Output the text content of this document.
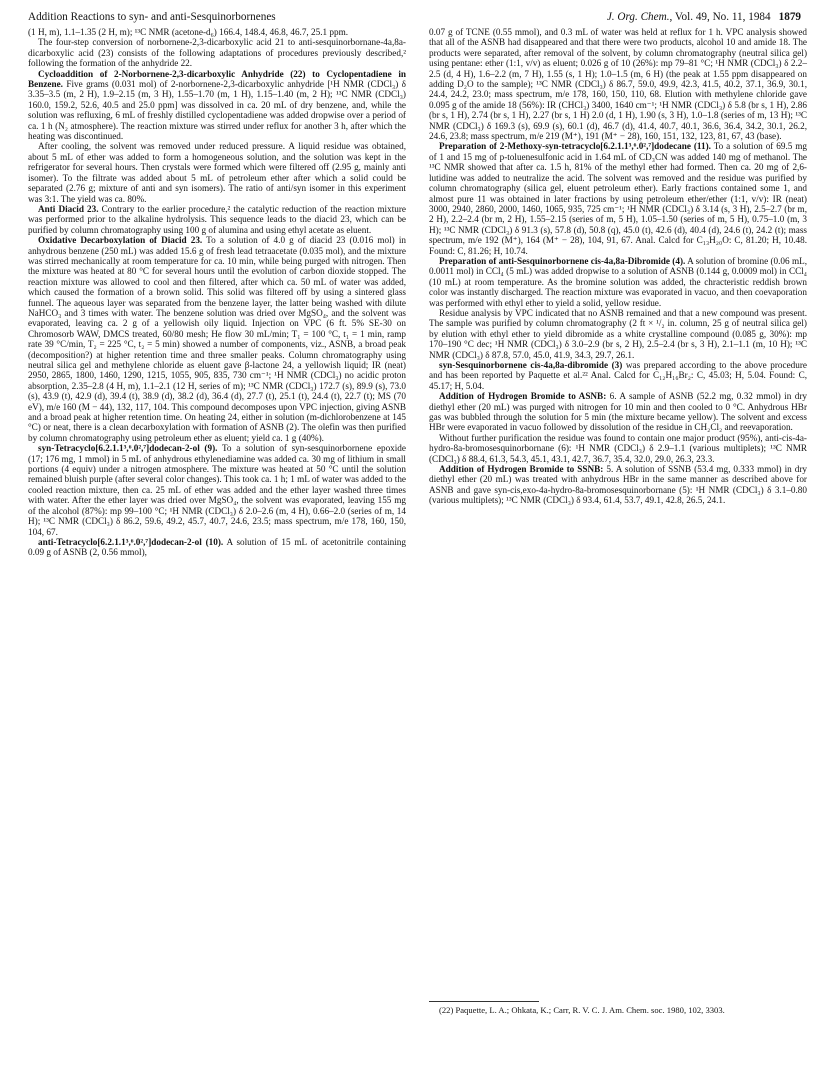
Addition Reactions to syn- and anti-Sesquinorbornenes	J. Org. Chem., Vol. 49, No. 11, 1984 1879

(1 H, m), 1.1–1.35 (2 H, m); ¹³C NMR (acetone-d₆) 166.4, 148.4, 46.8, 46.7, 25.1 ppm.

The four-step conversion of norbornene-2,3-dicarboxylic acid 21 to anti-sesquinorbornane-4a,8a-dicarboxylic acid (23) consists of the following adaptations of procedures previously described,² following the formation of the anhydride 22.

Cycloaddition of 2-Norbornene-2,3-dicarboxylic Anhydride (22) to Cyclopentadiene in Benzene. Five grams (0.031 mol) of 2-norbornene-2,3-dicarboxylic anhydride [¹H NMR (CDCl₃) δ 3.35–3.5 (m, 2 H), 1.9–2.15 (m, 3 H), 1.55–1.70 (m, 1 H), 1.15–1.40 (m, 2 H); ¹³C NMR (CDCl₃) 160.0, 159.2, 52.6, 40.5 and 25.0 ppm] was dissolved in ca. 20 mL of dry benzene, and, while the solution was refluxing, 6 mL of freshly distilled cyclopentadiene was added dropwise over a period of ca. 1 h (N₂ atmosphere). The reaction mixture was stirred under reflux for another 3 h, after which the heating was discontinued.

After cooling, the solvent was removed under reduced pressure. A liquid residue was obtained, about 5 mL of ether was added to form a homogeneous solution, and the solution was kept in the refrigerator for several hours. Then crystals were formed which were filtered off (2.95 g, mainly anti isomer). To the filtrate was added about 5 mL of petroleum ether after which a solid could be separated (2.76 g; mixture of anti and syn isomers). The ratio of anti/syn isomer in this experiment was 3:1. The yield was ca. 80%.

Anti Diacid 23. Contrary to the earlier procedure,² the catalytic reduction of the reaction mixture was performed prior to the alkaline hydrolysis. This sequence leads to the diacid 23, which can be purified by column chromatography using 100 g of alumina and using ethyl acetate as eluent.

Oxidative Decarboxylation of Diacid 23. To a solution of 4.0 g of diacid 23 (0.016 mol) in anhydrous benzene (250 mL) was added 15.6 g of fresh lead tetraacetate (0.035 mol), and the mixture was stirred mechanically at room temperature for ca. 10 min, while being purged with nitrogen. Then the mixture was heated at 80 °C for several hours until the evolution of carbon dioxide stopped. The reaction mixture was allowed to cool and then filtered, after which ca. 50 mL of water was added, which caused the formation of a brown solid. This solid was filtered off by using a sintered glass funnel. The aqueous layer was separated from the benzene layer, the latter being washed with dilute NaHCO₃ and 3 times with water. The benzene solution was dried over MgSO₄, and the solvent was evaporated, leaving ca. 2 g of a yellowish oily liquid. Injection on VPC (6 ft. 5% SE-30 on Chromosorb WAW, DMCS treated, 60/80 mesh; He flow 30 mL/min; T₁ = 100 °C, t₁ = 1 min, ramp rate 39 °C/min, T₂ = 225 °C, t₂ = 5 min) showed a number of components, viz., ASNB, a broad peak (decomposition?) at higher retention time and three smaller peaks. Column chromatography using neutral silica gel and methylene chloride as eluent gave β-lactone 24, a yellowish liquid; IR (neat) 2950, 2865, 1800, 1460, 1290, 1215, 1055, 905, 835, 730 cm⁻¹; ¹H NMR (CDCl₃) no acidic proton absorption, 2.35–2.8 (4 H, m), 1.1–2.1 (12 H, series of m); ¹³C NMR (CDCl₃) 172.7 (s), 89.9 (s), 73.0 (s), 43.9 (t), 42.9 (d), 39.4 (t), 38.9 (d), 38.2 (d), 36.4 (d), 27.7 (t), 25.1 (t), 24.4 (t), 22.7 (t); MS (70 eV), m/e 160 (M − 44), 132, 117, 104. This compound decomposes upon VPC injection, giving ASNB and a broad peak at higher retention time. On heating 24, either in solution (m-dichlorobenzene at 145 °C) or neat, there is a clean decarboxylation with formation of ASNB (2). The olefin was then purified by column chromatography using petroleum ether as eluent; yield ca. 1 g (40%).

syn-Tetracyclo[6.2.1.1³,⁶.0²,⁷]dodecan-2-ol (9). To a solution of syn-sesquinorbornene epoxide (17; 176 mg, 1 mmol) in 5 mL of anhydrous ethylenediamine was added ca. 30 mg of lithium in small portions (4 equiv) under a nitrogen atmosphere. The mixture was heated at 50 °C until the solution remained bluish purple (after several color changes). This took ca. 1 h; 1 mL of water was added to the cooled reaction mixture, then ca. 25 mL of ether was added and the ether layer washed three times with water. After the ether layer was dried over MgSO₄, the solvent was evaporated, leaving 155 mg of the alcohol (87%): mp 99–100 °C; ¹H NMR (CDCl₃) δ 2.0–2.6 (m, 4 H), 0.66–2.0 (series of m, 14 H); ¹³C NMR (CDCl₃) δ 86.2, 59.6, 49.2, 45.7, 40.7, 24.6, 23.5; mass spectrum, m/e 178, 160, 150, 104, 67.

anti-Tetracyclo[6.2.1.1³,⁶.0²,⁷]dodecan-2-ol (10). A solution of 15 mL of acetonitrile containing 0.09 g of ASNB (2, 0.56 mmol),

0.07 g of TCNE (0.55 mmol), and 0.3 mL of water was held at reflux for 1 h. VPC analysis showed that all of the ASNB had disappeared and that there were two products, alcohol 10 and amide 18. The products were separated, after removal of the solvent, by column chromatography (neutral silica gel) using pentane: ether (1:1, v/v) as eluent; 0.026 g of 10 (26%): mp 79–81 °C; ¹H NMR (CDCl₃) δ 2.2–2.5 (d, 4 H), 1.6–2.2 (m, 7 H), 1.55 (s, 1 H); 1.0–1.5 (m, 6 H) (the peak at 1.55 ppm disappeared on adding D₂O to the sample); ¹³C NMR (CDCl₃) δ 86.7, 59.0, 49.9, 42.3, 41.5, 40.2, 37.1, 36.9, 30.1, 24.4, 24.2, 23.0; mass spectrum, m/e 178, 160, 150, 110, 68. Elution with methylene chloride gave 0.095 g of the amide 18 (56%): IR (CHCl₃) 3400, 1640 cm⁻¹; ¹H NMR (CDCl₃) δ 5.8 (br s, 1 H), 2.86 (br s, 1 H), 2.74 (br s, 1 H), 2.27 (br s, 1 H) 2.0 (d, 1 H), 1.90 (s, 3 H), 1.0–1.8 (series of m, 13 H); ¹³C NMR (CDCl₃) δ 169.3 (s), 69.9 (s), 60.1 (d), 46.7 (d), 41.4, 40.7, 40.1, 36.6, 36.4, 34.2, 30.1, 26.2, 24.6, 23.8; mass spectrum, m/e 219 (M⁺), 191 (M⁺ − 28), 160, 151, 132, 123, 81, 67, 43 (base).

Preparation of 2-Methoxy-syn-tetracyclo[6.2.1.1³,⁶.0²,⁷]dodecane (11). To a solution of 69.5 mg of 1 and 15 mg of p-toluenesulfonic acid in 1.64 mL of CD₃CN was added 140 mg of methanol. The ¹³C NMR showed that after ca. 1.5 h, 81% of the methyl ether had formed. Then ca. 20 mg of 2,6-lutidine was added to neutralize the acid. The solvent was removed and the residue was purified by column chromatography (silica gel, eluent petroleum ether). Early fractions contained some 1, and almost pure 11 was obtained in later fractions by using petroleum ether/ether (1:1, v/v): IR (neat) 3000, 2940, 2860, 2000, 1460, 1065, 935, 725 cm⁻¹; ¹H NMR (CDCl₃) δ 3.14 (s, 3 H), 2.5–2.7 (br m, 2 H), 2.2–2.4 (br m, 2 H), 1.55–2.15 (series of m, 5 H), 1.05–1.50 (series of m, 5 H), 0.75–1.0 (m, 3 H); ¹³C NMR (CDCl₃) δ 91.3 (s), 57.8 (d), 50.8 (q), 45.0 (t), 42.6 (d), 40.4 (d), 24.6 (t), 24.2 (t); mass spectrum, m/e 192 (M⁺), 164 (M⁺ − 28), 104, 91, 67. Anal. Calcd for C₁₃H₂₀O: C, 81.20; H, 10.48. Found: C, 81.26; H, 10.74.

Preparation of anti-Sesquinorbornene cis-4a,8a-Dibromide (4). A solution of bromine (0.06 mL, 0.0011 mol) in CCl₄ (5 mL) was added dropwise to a solution of ASNB (0.144 g, 0.0009 mol) in CCl₄ (10 mL) at room temperature. As the bromine solution was added, the chracteristic reddish brown color was instantly discharged. The reaction mixture was evaporated in vacuo, and then coevaporation was performed with ethyl ether to yield a solid, yellow residue.

Residue analysis by VPC indicated that no ASNB remained and that a new compound was present. The sample was purified by column chromatography (2 ft × ¹/₂ in. column, 25 g of neutral silica gel) by elution with ethyl ether to yield dibromide as a white crystalline compound (0.085 g, 30%): mp 170–190 °C dec; ¹H NMR (CDCl₃) δ 3.0–2.9 (br s, 2 H), 2.5–2.4 (br s, 3 H), 2.1–1.1 (m, 10 H); ¹³C NMR (CDCl₃) δ 87.8, 57.0, 45.0, 41.9, 34.3, 29.7, 26.1.

syn-Sesquinorbornene cis-4a,8a-dibromide (3) was prepared according to the above procedure and has been reported by Paquette et al.²² Anal. Calcd for C₁₂H₁₆Br₂: C, 45.03; H, 5.04. Found: C, 45.17; H, 5.04.

Addition of Hydrogen Bromide to ASNB: 6. A sample of ASNB (52.2 mg, 0.32 mmol) in dry diethyl ether (20 mL) was purged with nitrogen for 10 min and then cooled to 0 °C. Anhydrous HBr gas was bubbled through the solution for 5 min (the mixture became yellow). The solvent and excess HBr were evaporated in vacuo followed by dissolution of the residue in CH₂Cl₂ and reevaporation.

Without further purification the residue was found to contain one major product (95%), anti-cis-4a-hydro-8a-bromosesquinorbornane (6): ¹H NMR (CDCl₃) δ 2.9–1.1 (various multiplets); ¹³C NMR (CDCl₃) δ 88.4, 61.3, 54.3, 45.1, 43.1, 42.7, 36.7, 35.4, 32.0, 29.0, 26.3, 23.3.

Addition of Hydrogen Bromide to SSNB: 5. A solution of SSNB (53.4 mg, 0.333 mmol) in dry diethyl ether (20 mL) was treated with anhydrous HBr in the same manner as described above for ASNB and gave syn-cis,exo-4a-hydro-8a-bromosesquinorbornane (5): ¹H NMR (CDCl₃) δ 3.1–0.80 (various multiplets); ¹³C NMR (CDCl₃) δ 93.4, 61.4, 53.7, 49.1, 42.8, 26.5, 24.1.

(22) Paquette, L. A.; Ohkata, K.; Carr, R. V. C. J. Am. Chem. soc. 1980, 102, 3303.
